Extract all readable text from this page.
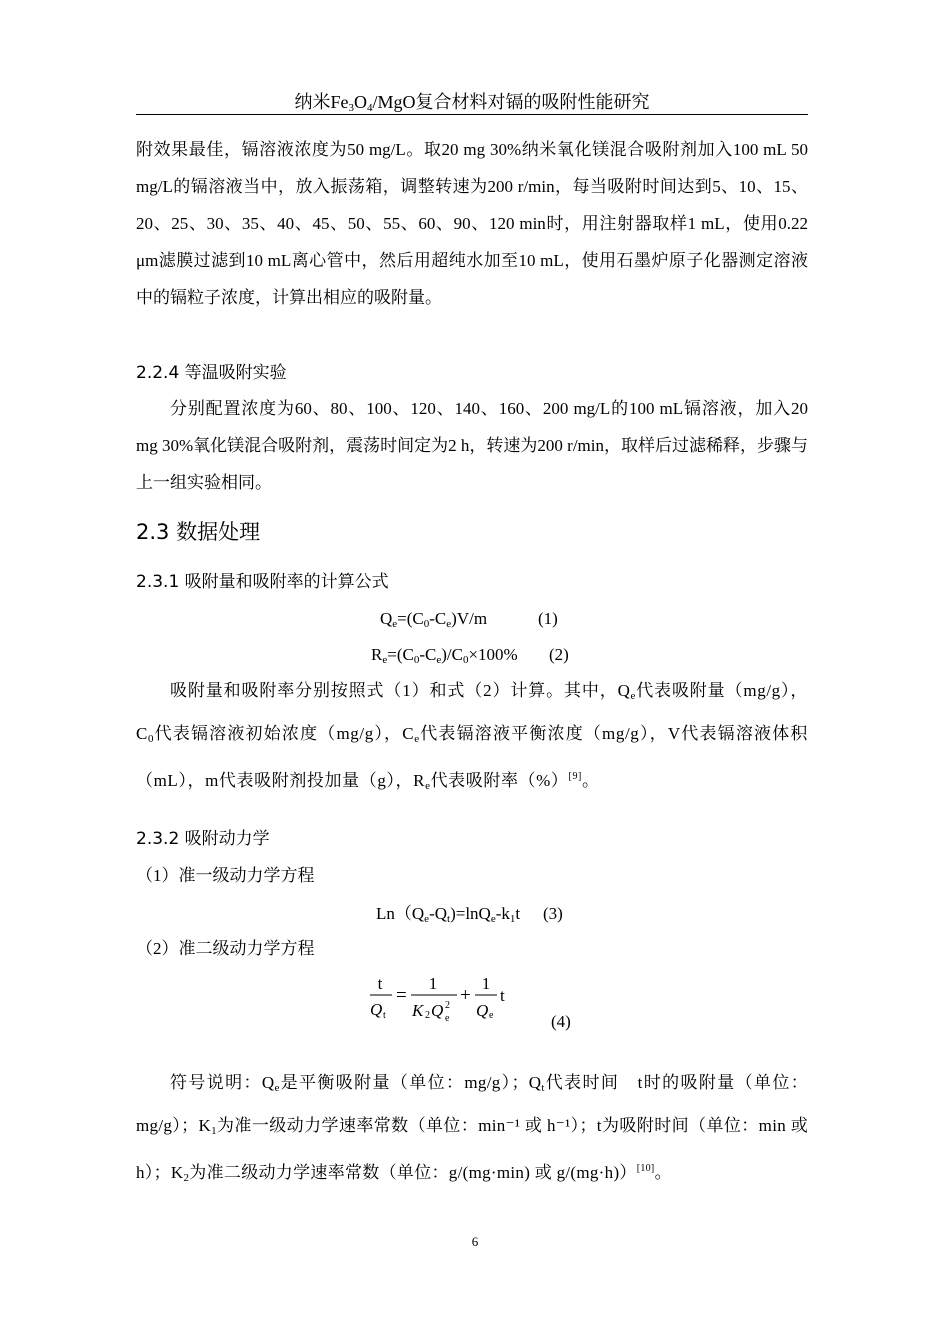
纳米$Fe_3O_4$/MgO复合材料对镉的吸附性能研究
附效果最佳，镉溶液浓度为50 mg/L。取20 mg 30%纳米氧化镁混合吸附剂加入100 mL 50 mg/L的镉溶液当中，放入振荡箱，调整转速为200 r/min，每当吸附时间达到5、10、15、20、25、30、35、40、45、50、55、60、90、120 min时，用注射器取样1 mL，使用0.22 μm滤膜过滤到10 mL离心管中，然后用超纯水加至10 mL，使用石墨炉原子化器测定溶液中的镉粒子浓度，计算出相应的吸附量。
2.2.4 等温吸附实验
分别配置浓度为60、80、100、120、140、160、200 mg/L的100 mL镉溶液，加入20 mg 30%氧化镁混合吸附剂，震荡时间定为2 h，转速为200 r/min，取样后过滤稀释，步骤与上一组实验相同。
2.3 数据处理
2.3.1 吸附量和吸附率的计算公式
$Q_e=(C_0-C_e)V/m$	(1)
$R_e=(C_0-C_e)/C_0\times 100\%$ (2)
吸附量和吸附率分别按照式（1）和式（2）计算。其中，$Q_e$代表吸附量（mg/g），$C_0$代表镉溶液初始浓度（mg/g），$C_e$代表镉溶液平衡浓度（mg/g），V代表镉溶液体积（mL），m代表吸附剂投加量（g），$R_e$代表吸附率（%）[9]。
2.3.2 吸附动力学
（1）准一级动力学方程
$Ln(Q_e-Q_t)=\ln Q_e-k_1t$ (3)
（2）准二级动力学方程
t
Q t
=
1
K 2 Q 2
e
+
1
Q e
t
(4)
符号说明：$Q_e$是平衡吸附量（单位：mg/g）；$Q_t$代表时间　t时的吸附量（单位：mg/g）；$K_1$为准一级动力学速率常数（单位：min⁻¹ 或 h⁻¹）；t为吸附时间（单位：min 或 h）；$K_2$为准二级动力学速率常数（单位：g/(mg·min) 或 g/(mg·h)）[10]。
6
